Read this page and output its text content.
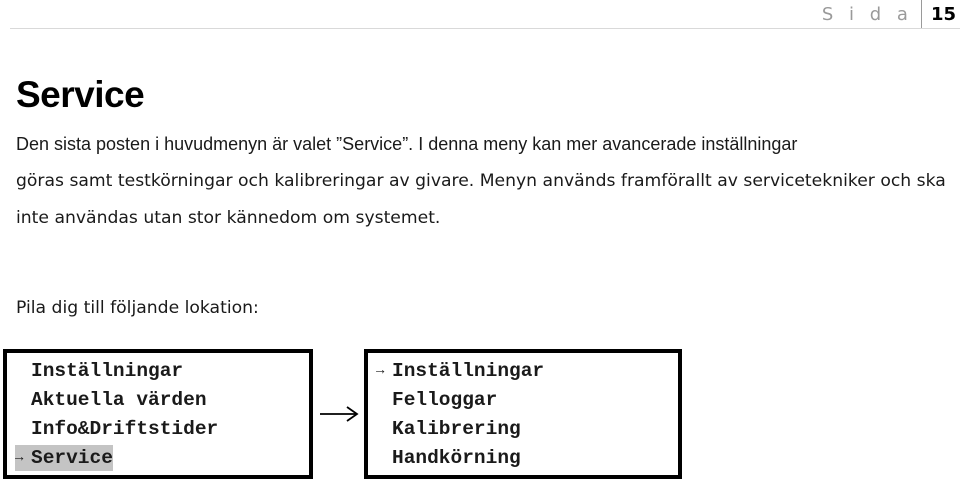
S i d a	15
Service

Den sista posten i huvudmenyn är valet ”Service”. I denna meny kan mer avancerade inställningar
göras samt testkörningar och kalibreringar av givare. Menyn används framförallt av servicetekniker och ska inte användas utan stor kännedom om systemet.

Pila dig till följande lokation:

Inställningar
Aktuella värden
Info&Driftstider
→ Service
→ Inställningar
Felloggar
Kalibrering
Handkörning
